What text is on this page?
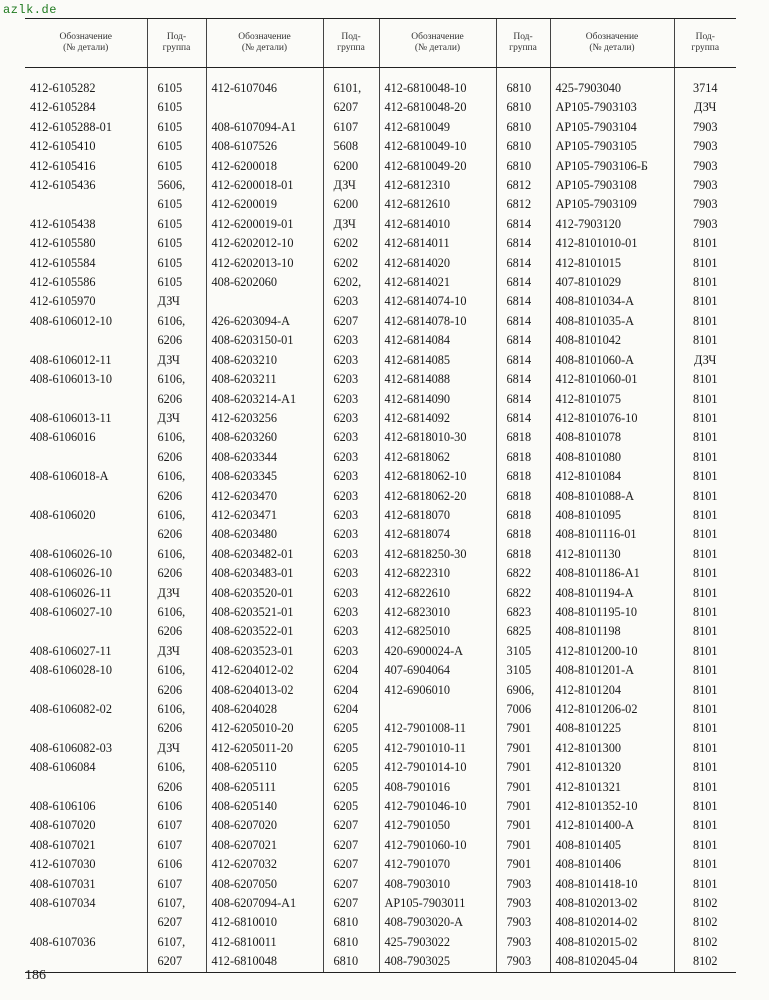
azlk.de
Обозначение
(№ детали)	Под-
группа	Обозначение
(№ детали)	Под-
группа	Обозначение
(№ детали)	Под-
группа	Обозначение
(№ детали)	Под-
группа

412-6105282	6105	412-6107046	6101,	412-6810048-10	6810	425-7903040	3714
412-6105284	6105		6207	412-6810048-20	6810	АР105-7903103	ДЗЧ
412-6105288-01	6105	408-6107094-А1	6107	412-6810049	6810	АР105-7903104	7903
412-6105410	6105	408-6107526	5608	412-6810049-10	6810	АР105-7903105	7903
412-6105416	6105	412-6200018	6200	412-6810049-20	6810	АР105-7903106-Б	7903
412-6105436	5606,	412-6200018-01	ДЗЧ	412-6812310	6812	АР105-7903108	7903
	6105	412-6200019	6200	412-6812610	6812	АР105-7903109	7903
412-6105438	6105	412-6200019-01	ДЗЧ	412-6814010	6814	412-7903120	7903
412-6105580	6105	412-6202012-10	6202	412-6814011	6814	412-8101010-01	8101
412-6105584	6105	412-6202013-10	6202	412-6814020	6814	412-8101015	8101
412-6105586	6105	408-6202060	6202,	412-6814021	6814	407-8101029	8101
412-6105970	ДЗЧ		6203	412-6814074-10	6814	408-8101034-А	8101
408-6106012-10	6106,	426-6203094-А	6207	412-6814078-10	6814	408-8101035-А	8101
	6206	408-6203150-01	6203	412-6814084	6814	408-8101042	8101
408-6106012-11	ДЗЧ	408-6203210	6203	412-6814085	6814	408-8101060-А	ДЗЧ
408-6106013-10	6106,	408-6203211	6203	412-6814088	6814	412-8101060-01	8101
	6206	408-6203214-А1	6203	412-6814090	6814	412-8101075	8101
408-6106013-11	ДЗЧ	412-6203256	6203	412-6814092	6814	412-8101076-10	8101
408-6106016	6106,	408-6203260	6203	412-6818010-30	6818	408-8101078	8101
	6206	408-6203344	6203	412-6818062	6818	408-8101080	8101
408-6106018-А	6106,	408-6203345	6203	412-6818062-10	6818	412-8101084	8101
	6206	412-6203470	6203	412-6818062-20	6818	408-8101088-А	8101
408-6106020	6106,	412-6203471	6203	412-6818070	6818	408-8101095	8101
	6206	408-6203480	6203	412-6818074	6818	408-8101116-01	8101
408-6106026-10	6106,	408-6203482-01	6203	412-6818250-30	6818	412-8101130	8101
408-6106026-10	6206	408-6203483-01	6203	412-6822310	6822	408-8101186-А1	8101
408-6106026-11	ДЗЧ	408-6203520-01	6203	412-6822610	6822	408-8101194-А	8101
408-6106027-10	6106,	408-6203521-01	6203	412-6823010	6823	408-8101195-10	8101
	6206	408-6203522-01	6203	412-6825010	6825	408-8101198	8101
408-6106027-11	ДЗЧ	408-6203523-01	6203	420-6900024-А	3105	412-8101200-10	8101
408-6106028-10	6106,	412-6204012-02	6204	407-6904064	3105	408-8101201-А	8101
	6206	408-6204013-02	6204	412-6906010	6906,	412-8101204	8101
408-6106082-02	6106,	408-6204028	6204		7006	412-8101206-02	8101
	6206	412-6205010-20	6205	412-7901008-11	7901	408-8101225	8101
408-6106082-03	ДЗЧ	412-6205011-20	6205	412-7901010-11	7901	412-8101300	8101
408-6106084	6106,	408-6205110	6205	412-7901014-10	7901	412-8101320	8101
	6206	408-6205111	6205	408-7901016	7901	412-8101321	8101
408-6106106	6106	408-6205140	6205	412-7901046-10	7901	412-8101352-10	8101
408-6107020	6107	408-6207020	6207	412-7901050	7901	412-8101400-А	8101
408-6107021	6107	408-6207021	6207	412-7901060-10	7901	408-8101405	8101
412-6107030	6106	412-6207032	6207	412-7901070	7901	408-8101406	8101
408-6107031	6107	408-6207050	6207	408-7903010	7903	408-8101418-10	8101
408-6107034	6107,	408-6207094-А1	6207	АР105-7903011	7903	408-8102013-02	8102
	6207	412-6810010	6810	408-7903020-А	7903	408-8102014-02	8102
408-6107036	6107,	412-6810011	6810	425-7903022	7903	408-8102015-02	8102
	6207	412-6810048	6810	408-7903025	7903	408-8102045-04	8102
186
